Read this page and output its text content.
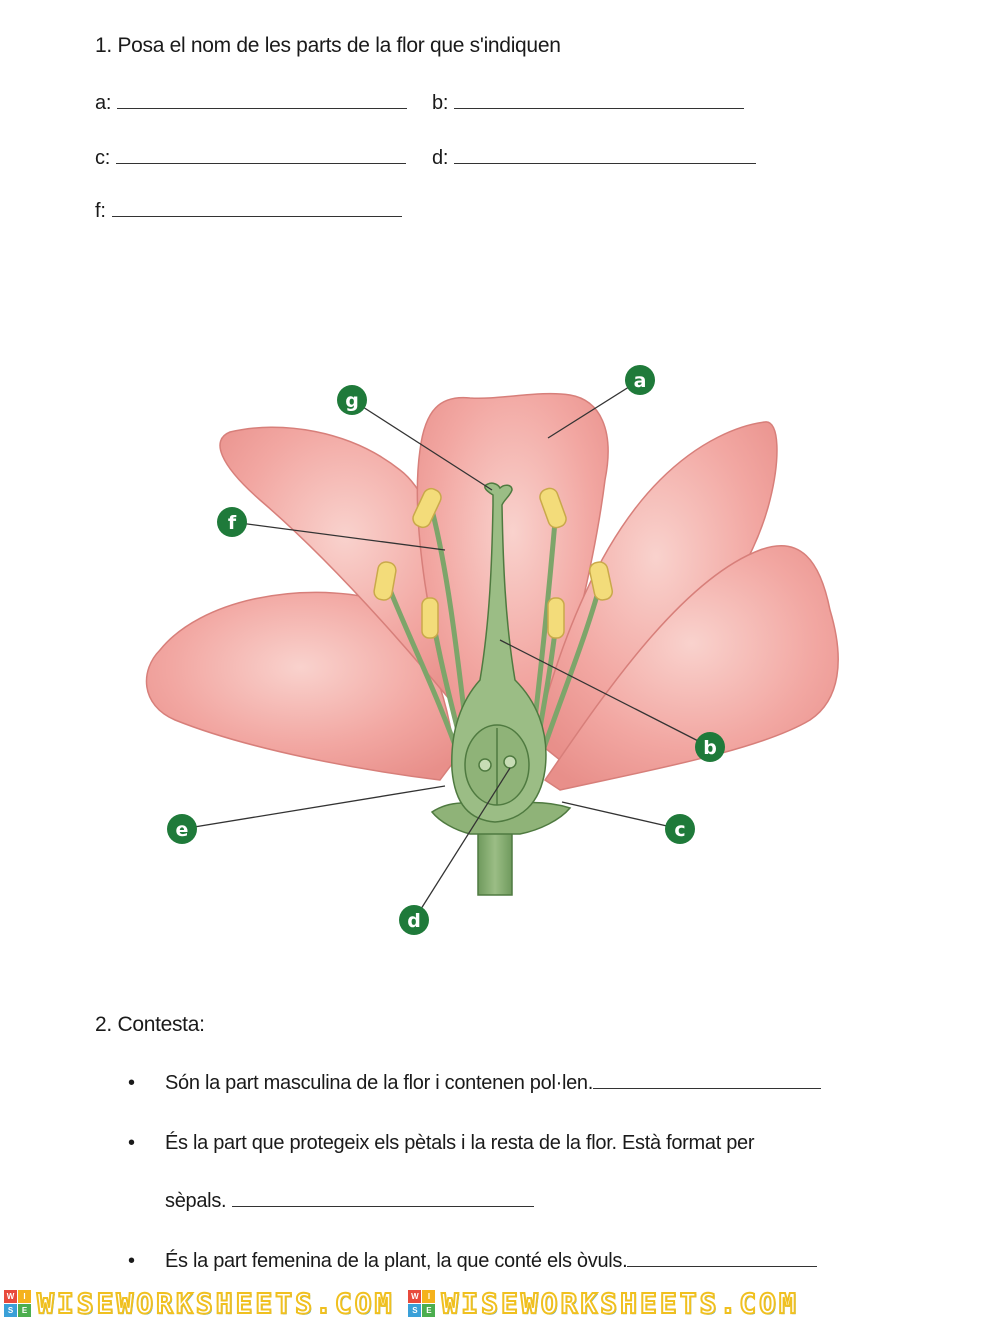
1. Posa el nom de les parts de la flor que s'indiquen
a:	b:
c:	d:
f:
a
b
c
d
e
f
g
2. Contesta:
• Són la part masculina de la flor i contenen pol·len.
• És la part que protegeix els pètals i la resta de la flor. Està format per
sèpals.
• És la part femenina de la plant, la que conté els òvuls.
W	I
S	E WISEWORKSHEETS.COM	W	I
S	E WISEWORKSHEETS.COM
